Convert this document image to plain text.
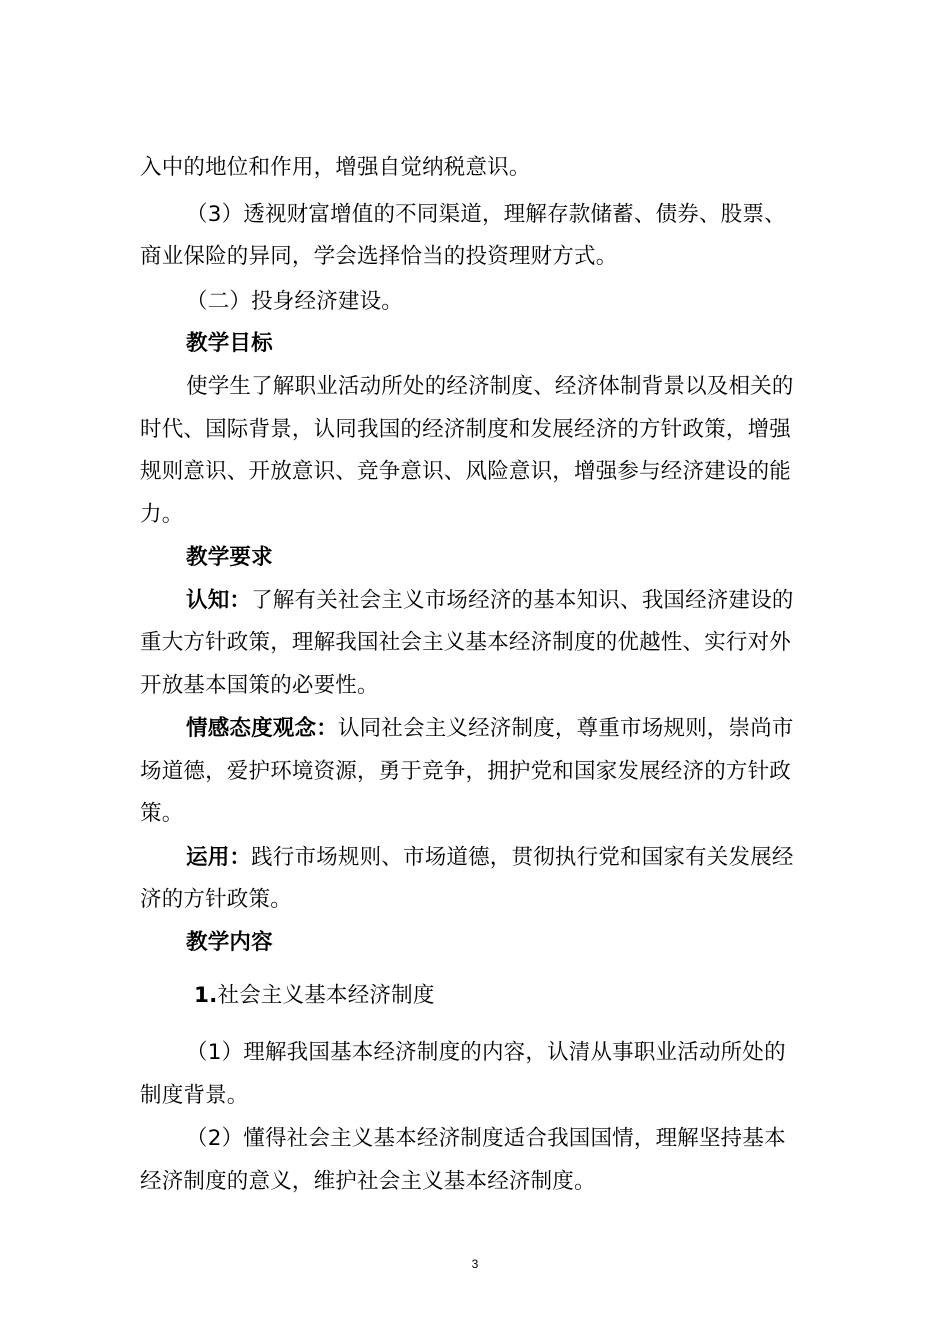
入中的地位和作用，增强自觉纳税意识。
（3）透视财富增值的不同渠道，理解存款储蓄、债券、股票、
商业保险的异同，学会选择恰当的投资理财方式。
（二）投身经济建设。
教学目标
使学生了解职业活动所处的经济制度、经济体制背景以及相关的
时代、国际背景，认同我国的经济制度和发展经济的方针政策，增强
规则意识、开放意识、竞争意识、风险意识，增强参与经济建设的能
力。
教学要求
认知：了解有关社会主义市场经济的基本知识、我国经济建设的
重大方针政策，理解我国社会主义基本经济制度的优越性、实行对外
开放基本国策的必要性。
情感态度观念：认同社会主义经济制度，尊重市场规则，崇尚市
场道德，爱护环境资源，勇于竞争，拥护党和国家发展经济的方针政
策。
运用：践行市场规则、市场道德，贯彻执行党和国家有关发展经
济的方针政策。
教学内容
1.社会主义基本经济制度
（1）理解我国基本经济制度的内容，认清从事职业活动所处的
制度背景。
（2）懂得社会主义基本经济制度适合我国国情，理解坚持基本
经济制度的意义，维护社会主义基本经济制度。
3
